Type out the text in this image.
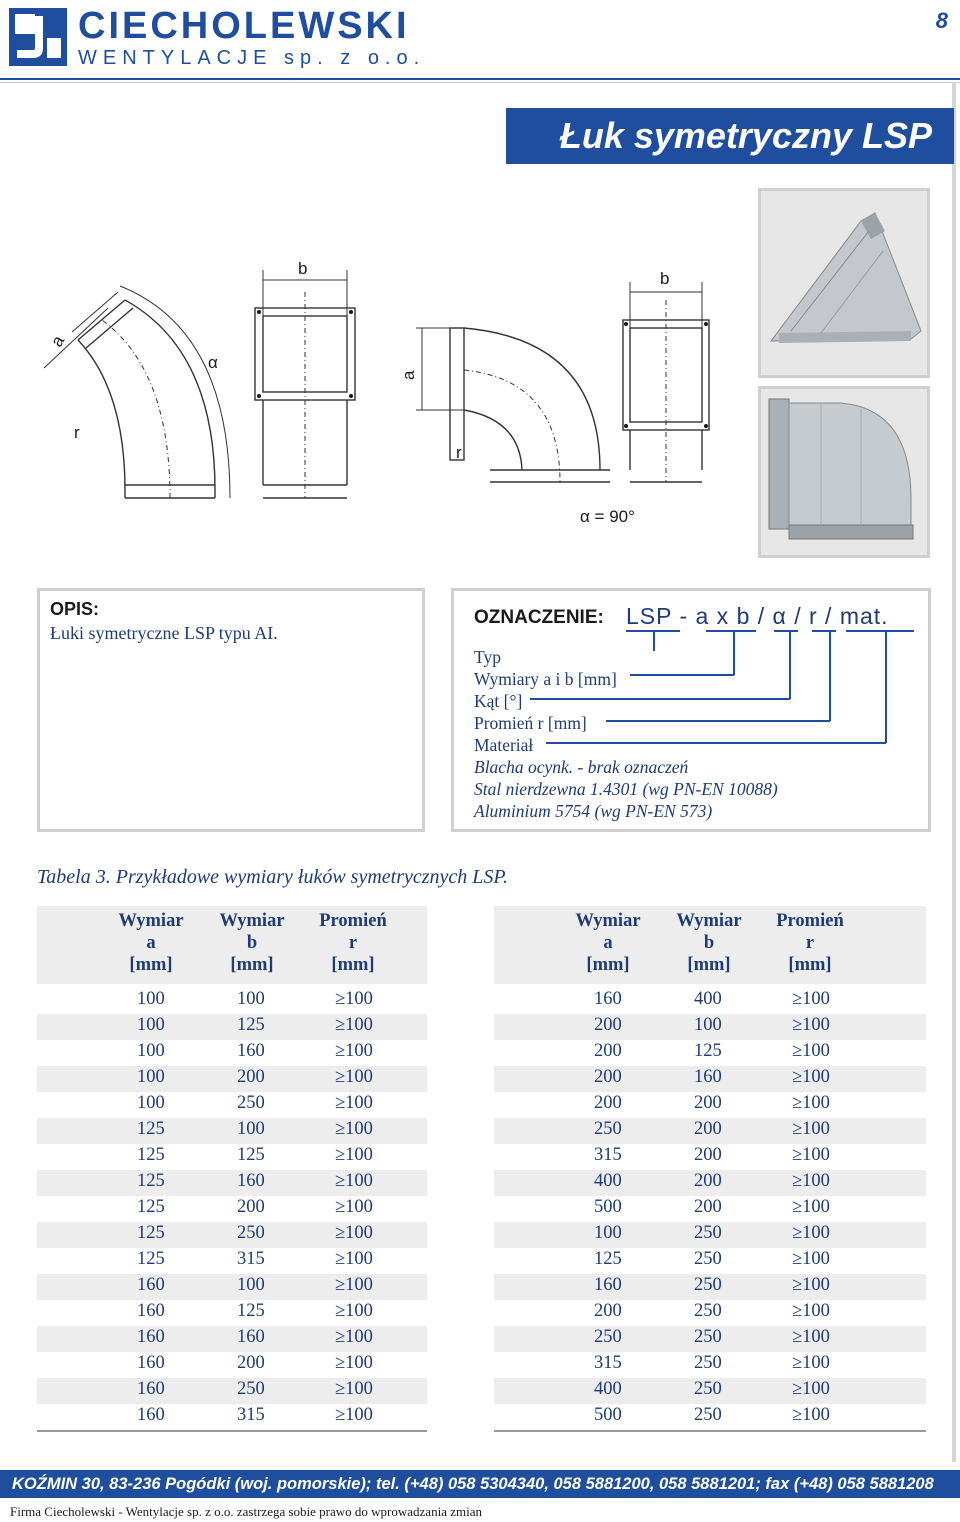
CIECHOLEWSKI
WENTYLACJE sp. z o.o.
8
Łuk symetryczny LSP
a
b
α
r
a
b
r
α = 90°
OPIS:
Łuki symetryczne LSP typu AI.
OZNACZENIE: LSP - a x b / α / r / mat.
Typ
Wymiary a i b [mm]
Kąt [°]
Promień r [mm]
Materiał
Blacha ocynk. - brak oznaczeń
Stal nierdzewna 1.4301 (wg PN-EN 10088)
Aluminium 5754 (wg PN-EN 573)
Tabela 3. Przykładowe wymiary łuków symetrycznych LSP.
Wymiar
a
[mm]
Wymiar
b
[mm]
Promień
r
[mm]
100	100	≥100
100	125	≥100
100	160	≥100
100	200	≥100
100	250	≥100
125	100	≥100
125	125	≥100
125	160	≥100
125	200	≥100
125	250	≥100
125	315	≥100
160	100	≥100
160	125	≥100
160	160	≥100
160	200	≥100
160	250	≥100
160	315	≥100
Wymiar
a
[mm]
Wymiar
b
[mm]
Promień
r
[mm]
160	400	≥100
200	100	≥100
200	125	≥100
200	160	≥100
200	200	≥100
250	200	≥100
315	200	≥100
400	200	≥100
500	200	≥100
100	250	≥100
125	250	≥100
160	250	≥100
200	250	≥100
250	250	≥100
315	250	≥100
400	250	≥100
500	250	≥100
KOŹMIN 30, 83-236 Pogódki (woj. pomorskie); tel. (+48) 058 5304340, 058 5881200, 058 5881201; fax (+48) 058 5881208
Firma Ciecholewski - Wentylacje sp. z o.o. zastrzega sobie prawo do wprowadzania zmian
